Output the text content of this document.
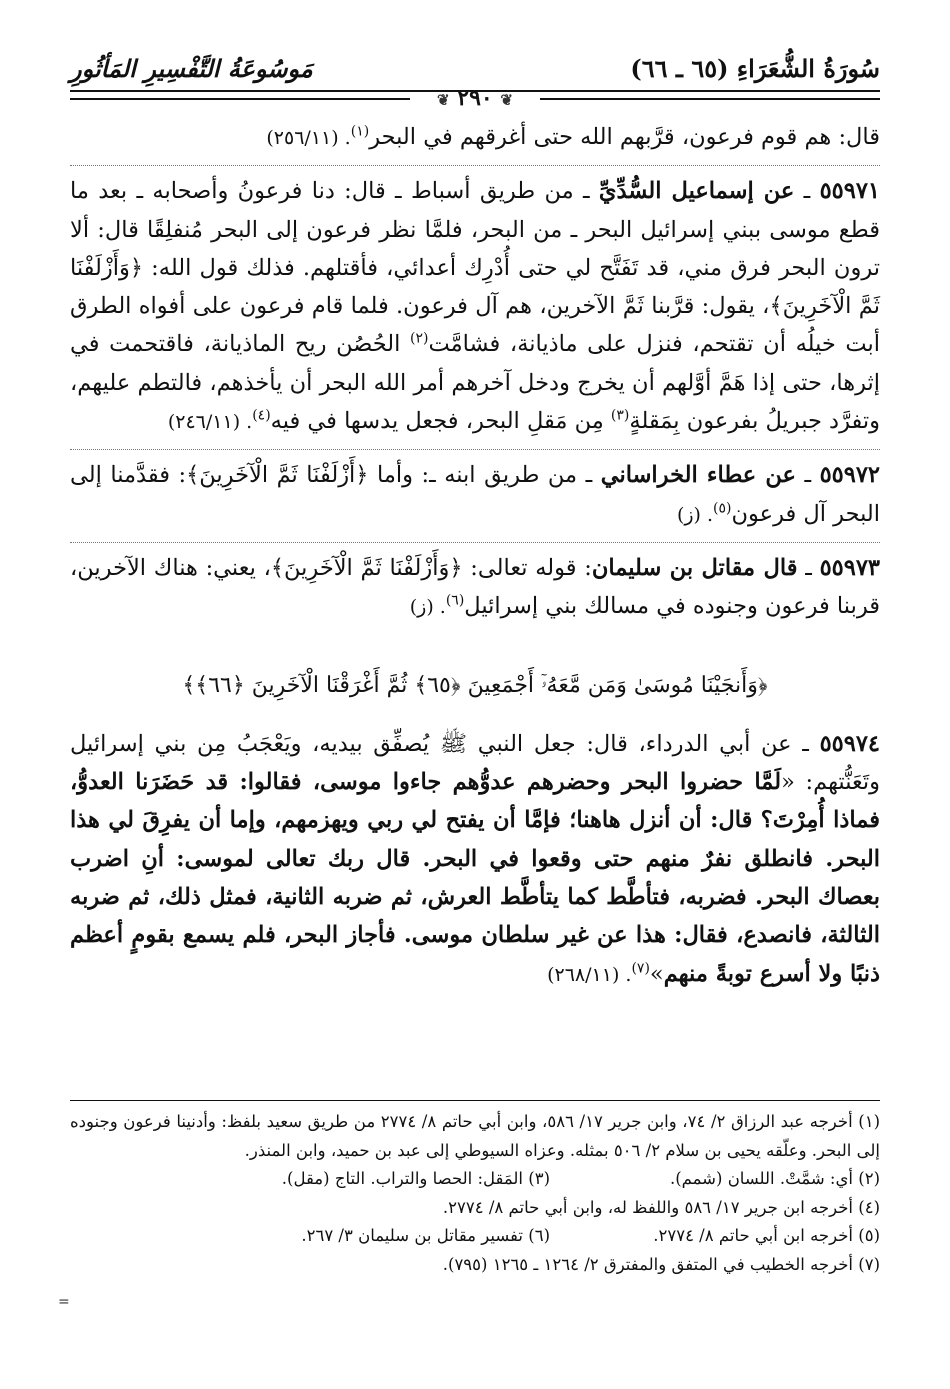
سُورَةُ الشُّعَرَاءِ (٦٥ ـ ٦٦)
مَوسُوعَةُ التَّفْسِيرِ المَأثُورِ
❦ ٢٩٠ ❦

قال: هم قوم فرعون، قرَّبهم الله حتى أغرقهم في البحر$^{(١)}$. (٢٥٦/١١)

٥٥٩٧١ ـ عن إسماعيل السُّدِّيِّ ـ من طريق أسباط ـ قال: دنا فرعونُ وأصحابه ـ بعد ما قطع موسى ببني إسرائيل البحر ـ من البحر، فلمَّا نظر فرعون إلى البحر مُنفلِقًا قال: ألا ترون البحر فرق مني، قد تَفَتَّح لي حتى أُدْرِك أعدائي، فأقتلهم. فذلك قول الله: ﴿وَأَزْلَفْنَا ثَمَّ الْآخَرِينَ﴾، يقول: قرَّبنا ثَمَّ الآخرين، هم آل فرعون. فلما قام فرعون على أفواه الطرق أبت خيلُه أن تقتحم، فنزل على ماذيانة، فشامَّت$^{(٢)}$ الحُصُن ريح الماذيانة، فاقتحمت في إثرها، حتى إذا هَمَّ أوَّلهم أن يخرج ودخل آخرهم أمر الله البحر أن يأخذهم، فالتطم عليهم، وتفرَّد جبريلُ بفرعون بِمَقلةٍ$^{(٣)}$ مِن مَقلِ البحر، فجعل يدسها في فيه$^{(٤)}$. (٢٤٦/١١)

٥٥٩٧٢ ـ عن عطاء الخراساني ـ من طريق ابنه ـ: وأما ﴿أَزْلَفْنَا ثَمَّ الْآخَرِينَ﴾: فقدَّمنا إلى البحر آل فرعون$^{(٥)}$. (ز)

٥٥٩٧٣ ـ قال مقاتل بن سليمان: قوله تعالى: ﴿وَأَزْلَفْنَا ثَمَّ الْآخَرِينَ﴾، يعني: هناك الآخرين، قربنا فرعون وجنوده في مسالك بني إسرائيل$^{(٦)}$. (ز)

﴿وَأَنجَيْنَا مُوسَىٰ وَمَن مَّعَهُۥٓ أَجْمَعِينَ ﴿٦٥﴾ ثُمَّ أَغْرَقْنَا الْآخَرِينَ ﴿٦٦﴾﴾

٥٥٩٧٤ ـ عن أبي الدرداء، قال: جعل النبي ﷺ يُصفِّق بيديه، ويَعْجَبُ مِن بني إسرائيل وتَعَنُّتهم: «لَمَّا حضروا البحر وحضرهم عدوُّهم جاءوا موسى، فقالوا: قد حَضَرَنا العدوُّ، فماذا أُمِرْتَ؟ قال: أن أنزل هاهنا؛ فإمَّا أن يفتح لي ربي ويهزمهم، وإما أن يفرِقَ لي هذا البحر. فانطلق نفرٌ منهم حتى وقعوا في البحر. قال ربك تعالى لموسى: أنِ اضرب بعصاك البحر. فضربه، فتأطَّط كما يتأطَّط العرش، ثم ضربه الثانية، فمثل ذلك، ثم ضربه الثالثة، فانصدع، فقال: هذا عن غير سلطان موسى. فأجاز البحر، فلم يسمع بقومٍ أعظم ذنبًا ولا أسرع توبةً منهم»$^{(٧)}$. (٢٦٨/١١)

(١) أخرجه عبد الرزاق ٢/ ٧٤، وابن جرير ١٧/ ٥٨٦، وابن أبي حاتم ٨/ ٢٧٧٤ من طريق سعيد بلفظ: وأدنينا فرعون وجنوده إلى البحر. وعلّقه يحيى بن سلام ٢/ ٥٠٦ بمثله. وعزاه السيوطي إلى عبد بن حميد، وابن المنذر.

(٢) أي: شمَّتْ. اللسان (شمم).
(٣) المَقل: الحصا والتراب. التاج (مقل).

(٤) أخرجه ابن جرير ١٧/ ٥٨٦ واللفظ له، وابن أبي حاتم ٨/ ٢٧٧٤.

(٥) أخرجه ابن أبي حاتم ٨/ ٢٧٧٤.
(٦) تفسير مقاتل بن سليمان ٣/ ٢٦٧.

(٧) أخرجه الخطيب في المتفق والمفترق ٢/ ١٢٦٤ ـ ١٢٦٥ (٧٩٥).

=
